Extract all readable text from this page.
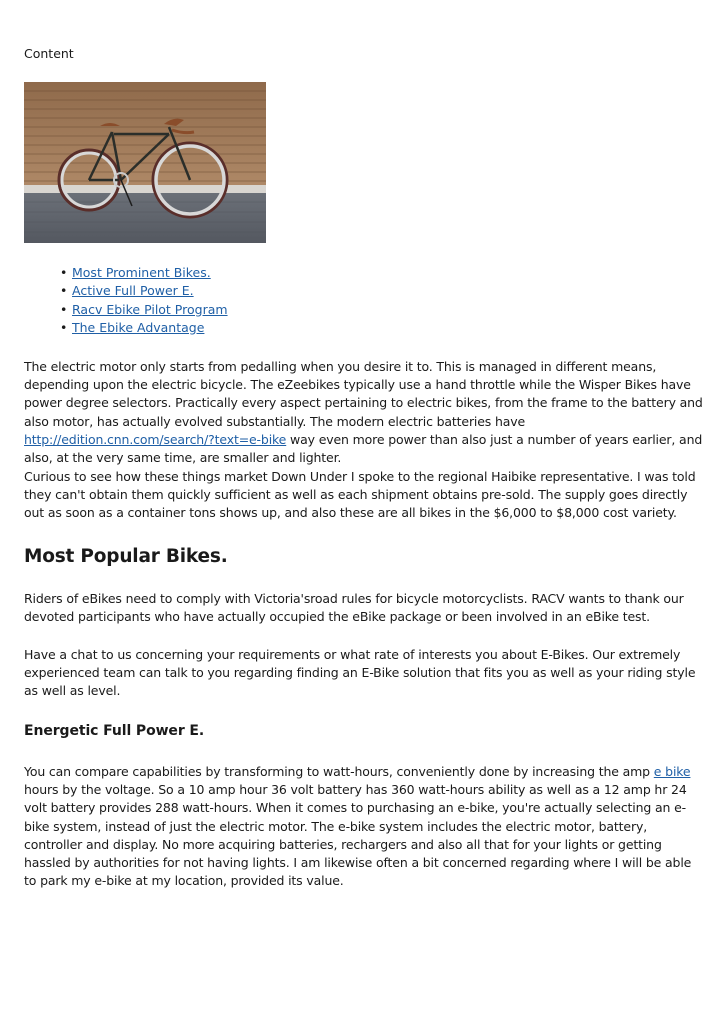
Content
• Most Prominent Bikes.
• Active Full Power E.
• Racv Ebike Pilot Program
• The Ebike Advantage

The electric motor only starts from pedalling when you desire it to. This is managed in different means, depending upon the electric bicycle. The eZeebikes typically use a hand throttle while the Wisper Bikes have power degree selectors. Practically every aspect pertaining to electric bikes, from the frame to the battery and also motor, has actually evolved substantially. The modern electric batteries have http://edition.cnn.com/search/?text=e-bike way even more power than also just a number of years earlier, and also, at the very same time, are smaller and lighter.

Curious to see how these things market Down Under I spoke to the regional Haibike representative. I was told they can't obtain them quickly sufficient as well as each shipment obtains pre-sold. The supply goes directly out as soon as a container tons shows up, and also these are all bikes in the $6,000 to $8,000 cost variety.

Most Popular Bikes.

Riders of eBikes need to comply with Victoria'sroad rules for bicycle motorcyclists. RACV wants to thank our devoted participants who have actually occupied the eBike package or been involved in an eBike test.

Have a chat to us concerning your requirements or what rate of interests you about E-Bikes. Our extremely experienced team can talk to you regarding finding an E-Bike solution that fits you as well as your riding style as well as level.

Energetic Full Power E.

You can compare capabilities by transforming to watt-hours, conveniently done by increasing the amp e bike hours by the voltage. So a 10 amp hour 36 volt battery has 360 watt-hours ability as well as a 12 amp hr 24 volt battery provides 288 watt-hours. When it comes to purchasing an e-bike, you're actually selecting an e-bike system, instead of just the electric motor. The e-bike system includes the electric motor, battery, controller and display. No more acquiring batteries, rechargers and also all that for your lights or getting hassled by authorities for not having lights. I am likewise often a bit concerned regarding where I will be able to park my e-bike at my location, provided its value.
